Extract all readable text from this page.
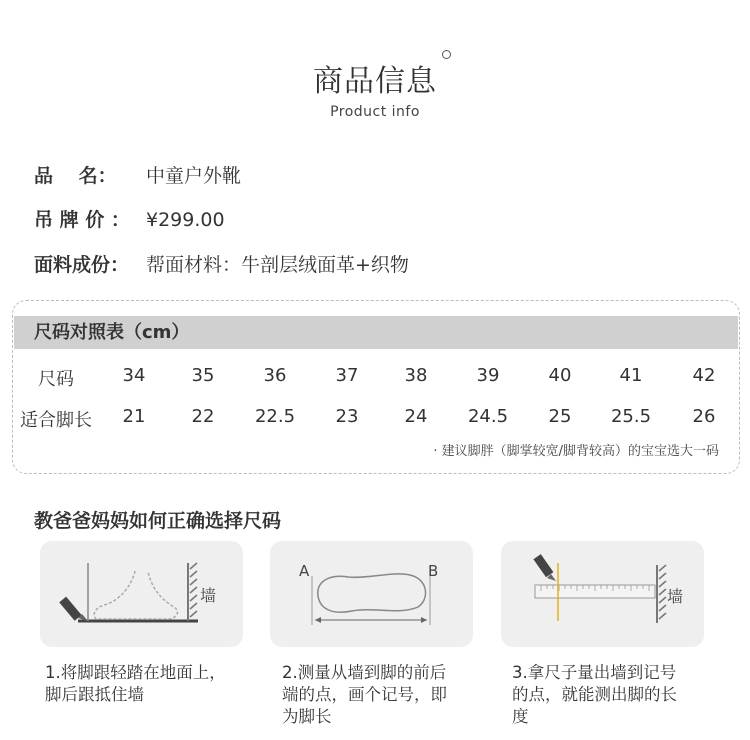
商品信息
Product info
品　 名： 中童户外靴
吊 牌 价 ： ¥299.00
面料成份： 帮面材料：牛剖层绒面革+织物
尺码对照表（cm）
尺码	34	35	36	37	38	39	40	41	42
适合脚长 21	22 22.5 23	24 24.5 25 25.5 26
· 建议脚胖（脚掌较宽/脚背较高）的宝宝选大一码
教爸爸妈妈如何正确选择尺码
墙
A	B
墙
1.将脚跟轻踏在地面上，
脚后跟抵住墙
2.测量从墙到脚的前后
端的点，画个记号，即
为脚长
3.拿尺子量出墙到记号
的点，就能测出脚的长
度
